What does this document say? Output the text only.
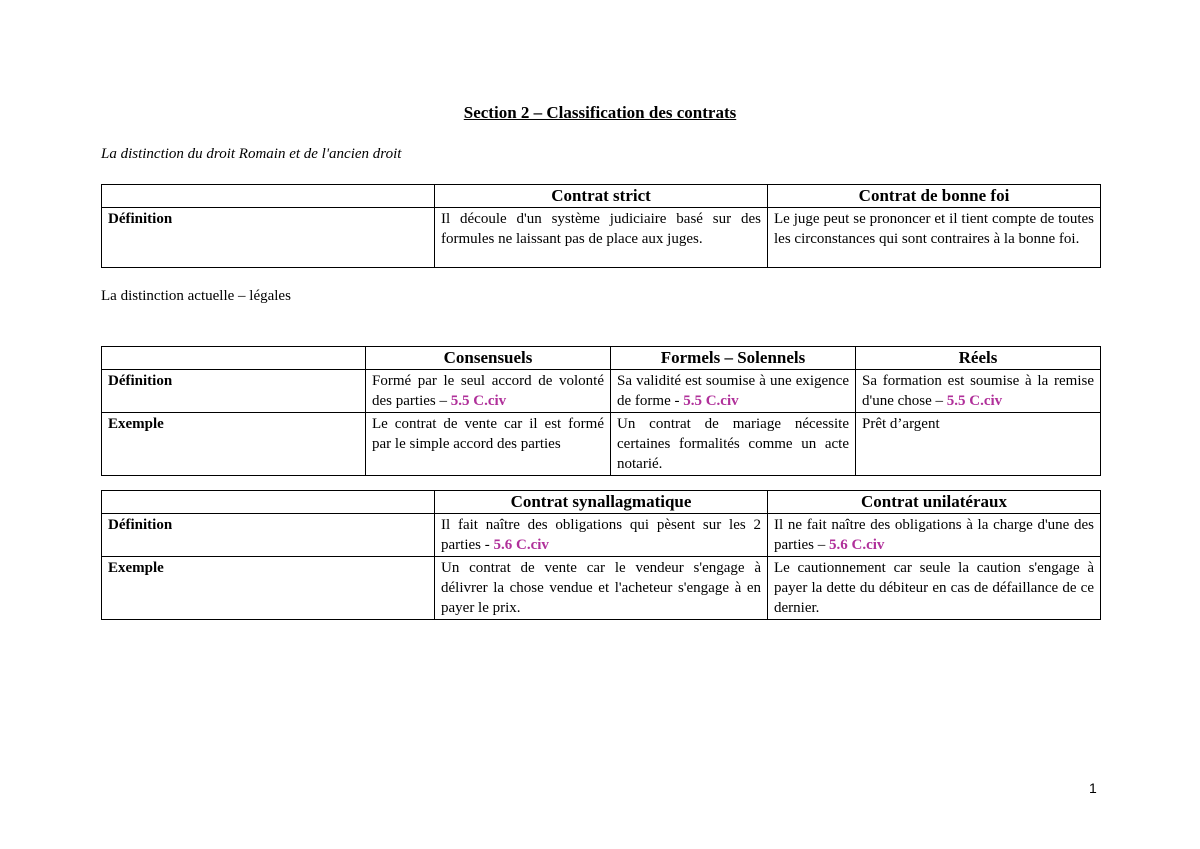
Section 2 – Classification des contrats
La distinction du droit Romain et de l'ancien droit
	Contrat strict	Contrat de bonne foi
Définition	Il découle d'un système judiciaire basé sur des formules ne laissant pas de place aux juges.	Le juge peut se prononcer et il tient compte de toutes les circonstances qui sont contraires à la bonne foi.
La distinction actuelle – légales
	Consensuels	Formels – Solennels	Réels
Définition	Formé par le seul accord de volonté des parties – 5.5 C.civ	Sa validité est soumise à une exigence de forme - 5.5 C.civ	Sa formation est soumise à la remise d'une chose – 5.5 C.civ
Exemple	Le contrat de vente car il est formé par le simple accord des parties	Un contrat de mariage nécessite certaines formalités comme un acte notarié.	Prêt d’argent
	Contrat synallagmatique	Contrat unilatéraux
Définition	Il fait naître des obligations qui pèsent sur les 2 parties - 5.6 C.civ	Il ne fait naître des obligations à la charge d'une des parties – 5.6 C.civ
Exemple	Un contrat de vente car le vendeur s'engage à délivrer la chose vendue et l'acheteur s'engage à en payer le prix.	Le cautionnement car seule la caution s'engage à payer la dette du débiteur en cas de défaillance de ce dernier.
1
